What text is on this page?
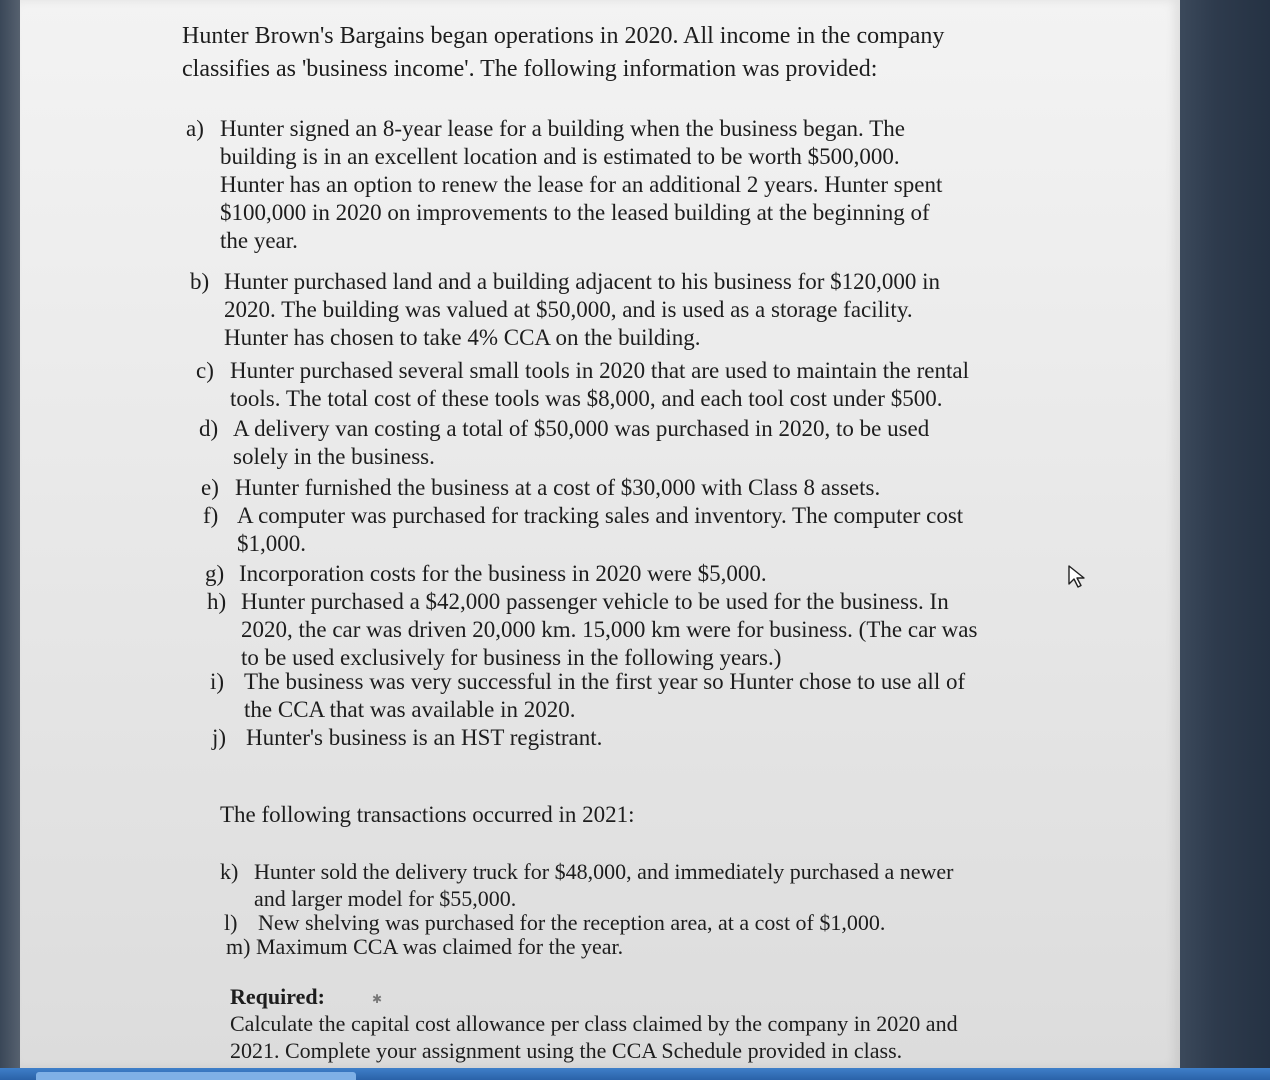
Hunter Brown's Bargains began operations in 2020. All income in the company
classifies as 'business income'. The following information was provided:
a) Hunter signed an 8-year lease for a building when the business began. The
building is in an excellent location and is estimated to be worth $500,000.
Hunter has an option to renew the lease for an additional 2 years. Hunter spent
$100,000 in 2020 on improvements to the leased building at the beginning of
the year.
b) Hunter purchased land and a building adjacent to his business for $120,000 in
2020. The building was valued at $50,000, and is used as a storage facility.
Hunter has chosen to take 4% CCA on the building.
c) Hunter purchased several small tools in 2020 that are used to maintain the rental
tools. The total cost of these tools was $8,000, and each tool cost under $500.
d) A delivery van costing a total of $50,000 was purchased in 2020, to be used
solely in the business.
e) Hunter furnished the business at a cost of $30,000 with Class 8 assets.
f) A computer was purchased for tracking sales and inventory. The computer cost
$1,000.
g) Incorporation costs for the business in 2020 were $5,000.
h) Hunter purchased a $42,000 passenger vehicle to be used for the business. In
2020, the car was driven 20,000 km. 15,000 km were for business. (The car was
to be used exclusively for business in the following years.)
i) The business was very successful in the first year so Hunter chose to use all of
the CCA that was available in 2020.
j) Hunter's business is an HST registrant.
The following transactions occurred in 2021:
k) Hunter sold the delivery truck for $48,000, and immediately purchased a newer
and larger model for $55,000.
l) New shelving was purchased for the reception area, at a cost of $1,000.
m) Maximum CCA was claimed for the year.
Required:
Calculate the capital cost allowance per class claimed by the company in 2020 and
2021. Complete your assignment using the CCA Schedule provided in class.
✱
